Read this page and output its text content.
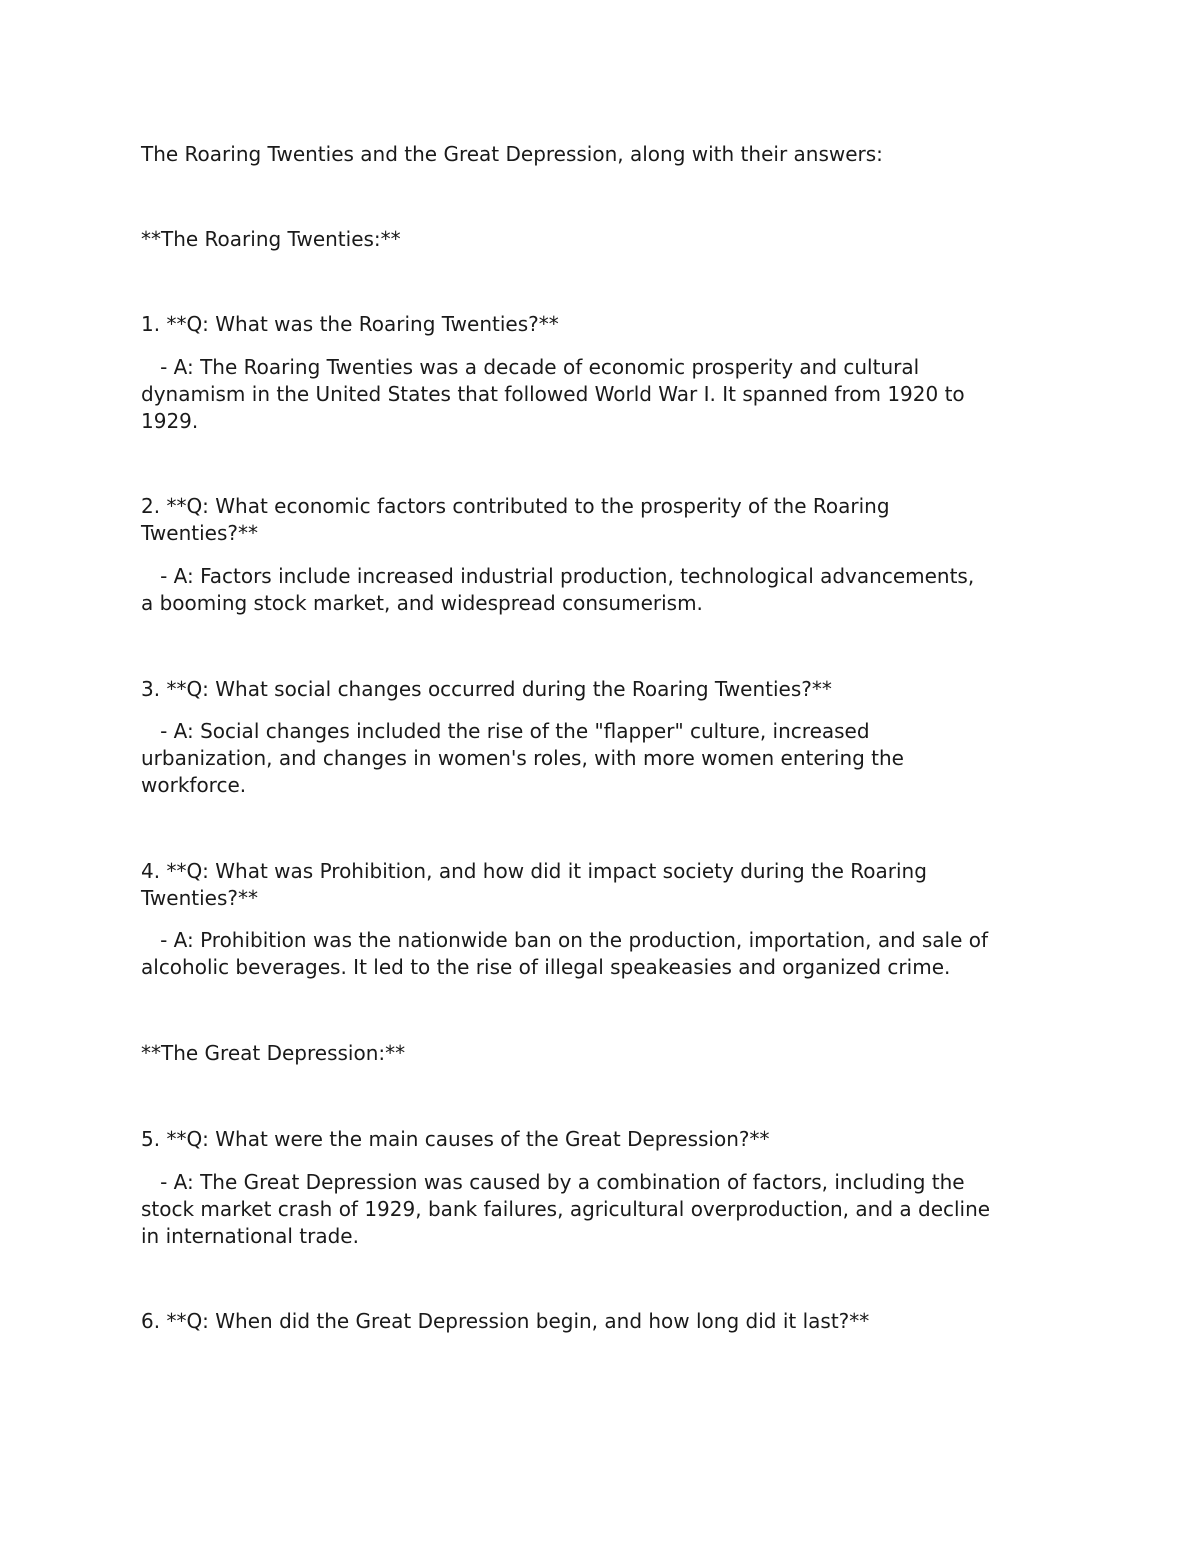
The Roaring Twenties and the Great Depression, along with their answers:

**The Roaring Twenties:**

1. **Q: What was the Roaring Twenties?**

- A: The Roaring Twenties was a decade of economic prosperity and cultural

dynamism in the United States that followed World War I. It spanned from 1920 to

1929.

2. **Q: What economic factors contributed to the prosperity of the Roaring

Twenties?**

- A: Factors include increased industrial production, technological advancements,

a booming stock market, and widespread consumerism.

3. **Q: What social changes occurred during the Roaring Twenties?**

- A: Social changes included the rise of the "flapper" culture, increased

urbanization, and changes in women's roles, with more women entering the

workforce.

4. **Q: What was Prohibition, and how did it impact society during the Roaring

Twenties?**

- A: Prohibition was the nationwide ban on the production, importation, and sale of

alcoholic beverages. It led to the rise of illegal speakeasies and organized crime.

**The Great Depression:**

5. **Q: What were the main causes of the Great Depression?**

- A: The Great Depression was caused by a combination of factors, including the

stock market crash of 1929, bank failures, agricultural overproduction, and a decline

in international trade.

6. **Q: When did the Great Depression begin, and how long did it last?**
